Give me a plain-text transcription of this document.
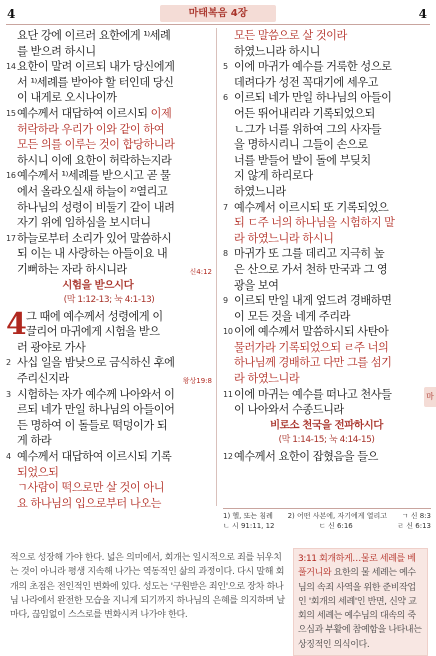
4	마태복음 4장	4
요단 강에 이르러 요한에게 ¹⁾세례
를 받으려 하시니
14요한이 말려 이르되 내가 당신에게
서 ¹⁾세례를 받아야 할 터인데 당신
이 내게로 오시나이까
15예수께서 대답하여 이르시되 이제
허락하라 우리가 이와 같이 하여
모든 의를 이루는 것이 합당하니라
하시니 이에 요한이 허락하는지라
16예수께서 ¹⁾세례를 받으시고 곧 물
에서 올라오실새 하늘이 ²⁾열리고
하나님의 성령이 비둘기 같이 내려
자기 위에 임하심을 보시더니
17하늘로부터 소리가 있어 말씀하시
되 이는 내 사랑하는 아들이요 내
기뻐하는 자라 하시니라	신4:12
시험을 받으시다
(막 1:12-13; 눅 4:1-13)
4 그 때에 예수께서 성령에게 이
끌리어 마귀에게 시험을 받으
러 광야로 가사
2 사십 일을 밤낮으로 금식하신 후에
주리신지라	왕상19:8
3 시험하는 자가 예수께 나아와서 이
르되 네가 만일 하나님의 아들이어
든 명하여 이 돌들로 떡덩이가 되
게 하라
4 예수께서 대답하여 이르시되 기록
되었으되
ㄱ사람이 떡으로만 살 것이 아니
요 하나님의 입으로부터 나오는
모든 말씀으로 살 것이라
하였느니라 하시니
5 이에 마귀가 예수를 거룩한 성으로
데려다가 성전 꼭대기에 세우고
6 이르되 네가 만일 하나님의 아들이
어든 뛰어내리라 기록되었으되
ㄴ그가 너를 위하여 그의 사자들
을 명하시리니 그들이 손으로
너를 받들어 발이 돌에 부딪치
지 않게 하리로다
하였느니라
7 예수께서 이르시되 또 기록되었으
되 ㄷ주 너의 하나님을 시험하지 말
라 하였느니라 하시니
8 마귀가 또 그를 데리고 지극히 높
은 산으로 가서 천하 만국과 그 영
광을 보여
9 이르되 만일 내게 엎드려 경배하면
이 모든 것을 네게 주리라
10이에 예수께서 말씀하시되 사탄아
물러가라 기록되었으되 ㄹ주 너의
하나님께 경배하고 다만 그를 섬기
라 하였느니라
11이에 마귀는 예수를 떠나고 천사들
이 나아와서 수종드니라
비로소 천국을 전파하시다
(막 1:14-15; 눅 4:14-15)
12예수께서 요한이 잡혔음을 들으
마
1) 헬, 또는 침례 2) 어떤 사본에, 자기에게 열리고 ㄱ 신 8:3
ㄴ 시 91:11, 12	ㄷ 신 6:16	ㄹ 신 6:13
적으로 성장해 가야 한다. 넓은 의미에서, 회개는 일시적으로 죄를 뉘우치는 것이 아니라 평생 지속해 나가는 역동적인 삶의 과정이다. 다시 말해 회개의 초점은 전인적인 변화에 있다. 성도는 '구원받은 죄인'으로 장차 하나님 나라에서 완전한 모습을 지니게 되기까지 하나님의 은혜를 의지하며 날마다, 끊임없이 스스로를 변화시켜 나가야 한다.
3:11 회개하게…물로 세례를 베풀거니와 요한의 물 세례는 예수님의 속죄 사역을 위한 준비작업인 '회개의 세례'인 반면, 신약 교회의 세례는 예수님의 대속의 죽으심과 부활에 참예함을 나타내는 상징적인 의식이다.
